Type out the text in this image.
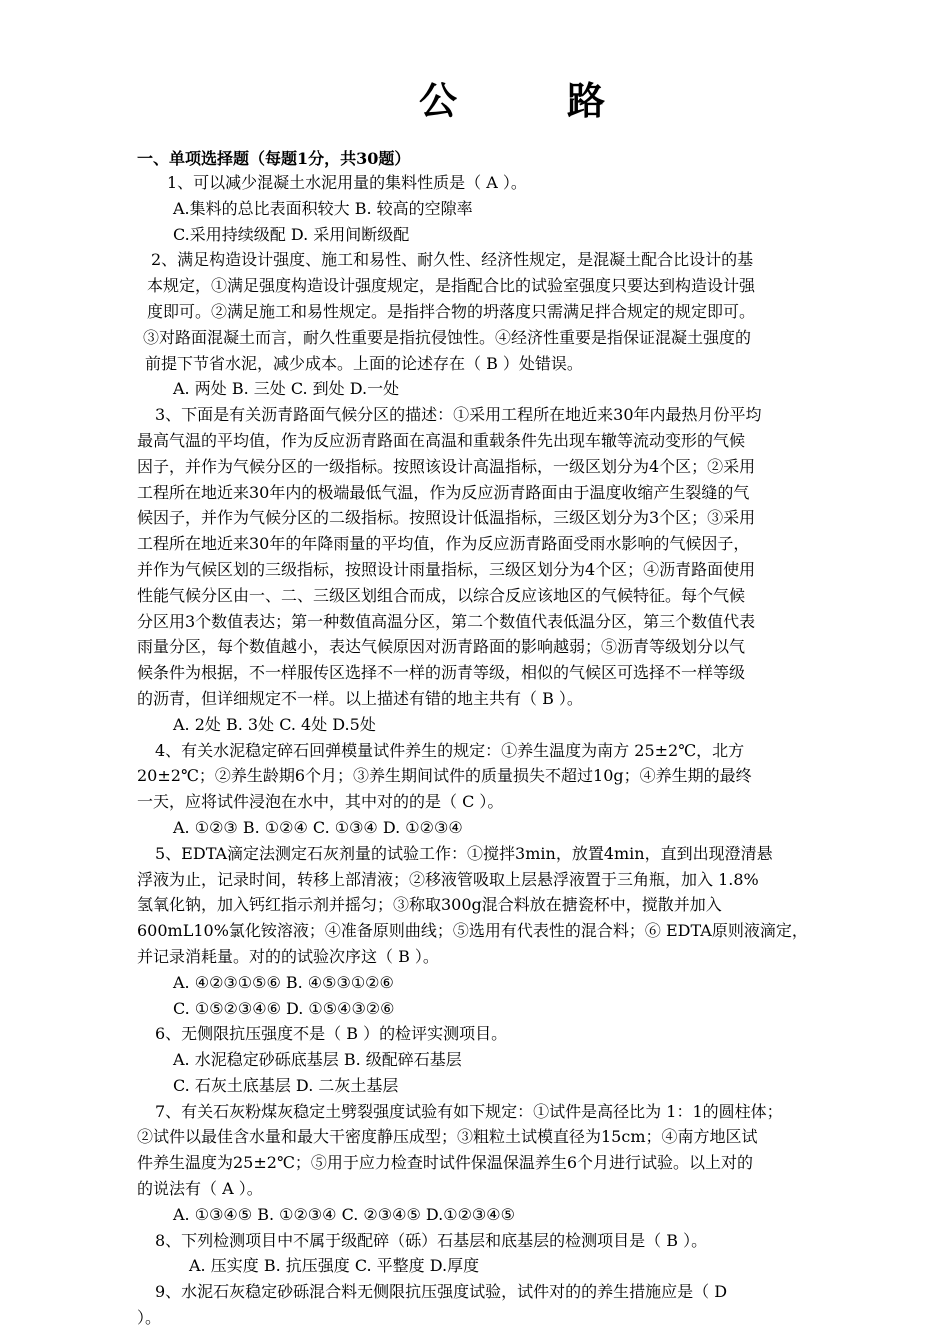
公	路
一、单项选择题（每题1分，共30题）
1、可以减少混凝土水泥用量的集料性质是（ A ）。
A.集料的总比表面积较大 B. 较高的空隙率
C.采用持续级配 D. 采用间断级配
2、满足构造设计强度、施工和易性、耐久性、经济性规定，是混凝土配合比设计的基
本规定，①满足强度构造设计强度规定，是指配合比的试验室强度只要达到构造设计强
度即可。②满足施工和易性规定。是指拌合物的坍落度只需满足拌合规定的规定即可。
③对路面混凝土而言，耐久性重要是指抗侵蚀性。④经济性重要是指保证混凝土强度的
前提下节省水泥，减少成本。上面的论述存在（ B ）处错误。
A. 两处 B. 三处 C. 到处 D.一处
3、下面是有关沥青路面气候分区的描述：①采用工程所在地近来30年内最热月份平均
最高气温的平均值，作为反应沥青路面在高温和重载条件先出现车辙等流动变形的气候
因子，并作为气候分区的一级指标。按照该设计高温指标，一级区划分为4个区；②采用
工程所在地近来30年内的极端最低气温，作为反应沥青路面由于温度收缩产生裂缝的气
候因子，并作为气候分区的二级指标。按照设计低温指标，三级区划分为3个区；③采用
工程所在地近来30年的年降雨量的平均值，作为反应沥青路面受雨水影响的气候因子，
并作为气候区划的三级指标，按照设计雨量指标，三级区划分为4个区；④沥青路面使用
性能气候分区由一、二、三级区划组合而成，以综合反应该地区的气候特征。每个气候
分区用3个数值表达；第一种数值高温分区，第二个数值代表低温分区，第三个数值代表
雨量分区，每个数值越小，表达气候原因对沥青路面的影响越弱；⑤沥青等级划分以气
候条件为根据，不一样服传区选择不一样的沥青等级，相似的气候区可选择不一样等级
的沥青，但详细规定不一样。以上描述有错的地主共有（ B ）。
A. 2处 B. 3处 C. 4处 D.5处
4、有关水泥稳定碎石回弹模量试件养生的规定：①养生温度为南方 25±2℃，北方
20±2℃；②养生龄期6个月；③养生期间试件的质量损失不超过10g；④养生期的最终
一天，应将试件浸泡在水中，其中对的的是（ C ）。
A. ①②③ B. ①②④ C. ①③④ D. ①②③④
5、EDTA滴定法测定石灰剂量的试验工作：①搅拌3min，放置4min，直到出现澄清悬
浮液为止，记录时间，转移上部清液；②移液管吸取上层悬浮液置于三角瓶，加入 1.8%
氢氧化钠，加入钙红指示剂并摇匀；③称取300g混合料放在搪瓷杯中，搅散并加入
600mL10%氯化铵溶液；④准备原则曲线；⑤选用有代表性的混合料；⑥ EDTA原则液滴定，
并记录消耗量。对的的试验次序这（ B ）。
A. ④②③①⑤⑥ B. ④⑤③①②⑥
C. ①⑤②③④⑥ D. ①⑤④③②⑥
6、无侧限抗压强度不是（ B ）的检评实测项目。
A. 水泥稳定砂砾底基层 B. 级配碎石基层
C. 石灰土底基层 D. 二灰土基层
7、有关石灰粉煤灰稳定土劈裂强度试验有如下规定：①试件是高径比为 1：1的圆柱体；
②试件以最佳含水量和最大干密度静压成型；③粗粒土试模直径为15cm；④南方地区试
件养生温度为25±2℃；⑤用于应力检查时试件保温保温养生6个月进行试验。以上对的
的说法有（ A ）。
A. ①③④⑤ B. ①②③④ C. ②③④⑤ D.①②③④⑤
8、下列检测项目中不属于级配碎（砾）石基层和底基层的检测项目是（ B ）。
A. 压实度 B. 抗压强度 C. 平整度 D.厚度
9、水泥石灰稳定砂砾混合料无侧限抗压强度试验，试件对的的养生措施应是（ D
）。
